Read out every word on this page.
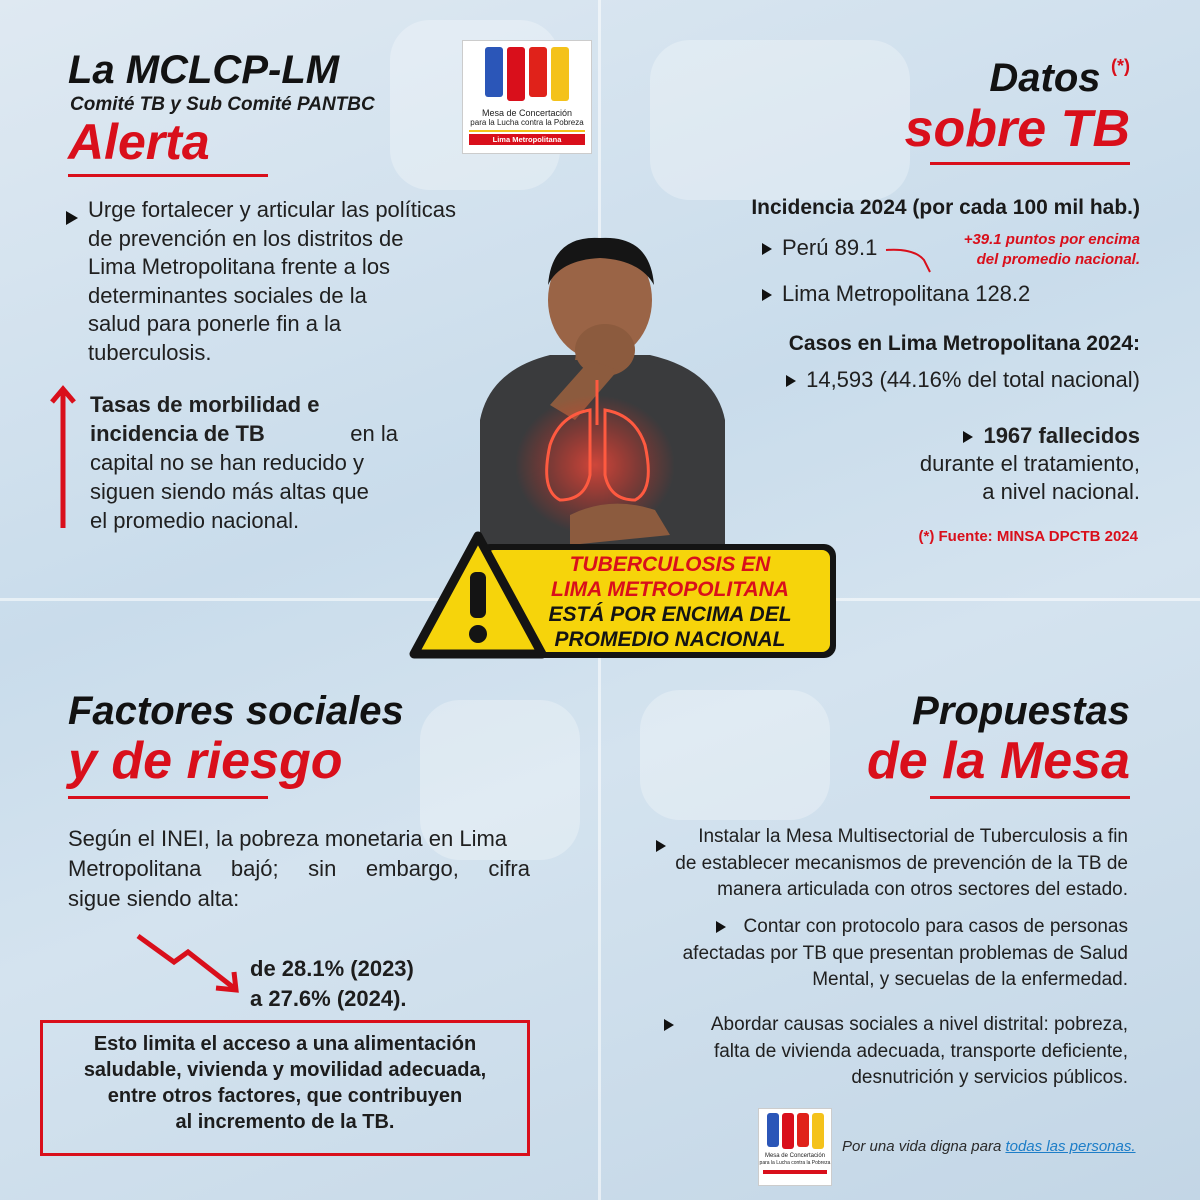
La MCLCP-LM
Comité TB y Sub Comité PANTBC
Alerta
Mesa de Concertación
para la Lucha contra la Pobreza
Lima Metropolitana
Urge fortalecer y articular las políticas
de prevención en los distritos de
Lima Metropolitana frente a los
determinantes sociales de la
salud para ponerle fin a la
tuberculosis.
Tasas de morbilidad e
incidencia de TB	en la
capital no se han reducido y
siguen siendo más altas que
el promedio nacional.
Datos (*)
sobre TB
Incidencia 2024 (por cada 100 mil hab.)
Perú 89.1	+39.1 puntos por encima
del promedio nacional.
Lima Metropolitana 128.2
Casos en Lima Metropolitana 2024:
14,593 (44.16% del total nacional)
1967 fallecidos
durante el tratamiento,
a nivel nacional.
(*) Fuente: MINSA DPCTB 2024
TUBERCULOSIS EN
LIMA METROPOLITANA
ESTÁ POR ENCIMA DEL
PROMEDIO NACIONAL
Factores sociales
y de riesgo
Según el INEI, la pobreza monetaria en Lima
Metropolitana bajó; sin embargo, cifra
sigue siendo alta:
de 28.1% (2023)
a 27.6% (2024).
Esto limita el acceso a una alimentación
saludable, vivienda y movilidad adecuada,
entre otros factores, que contribuyen
al incremento de la TB.
Propuestas
de la Mesa
Instalar la Mesa Multisectorial de Tuberculosis a fin
de establecer mecanismos de prevención de la TB de
manera articulada con otros sectores del estado.
Contar con protocolo para casos de personas
afectadas por TB que presentan problemas de Salud
Mental, y secuelas de la enfermedad.
Abordar causas sociales a nivel distrital: pobreza,
falta de vivienda adecuada, transporte deficiente,
desnutrición y servicios públicos.
Mesa de Concertación
para la Lucha contra la Pobreza
Por una vida digna para todas las personas.
